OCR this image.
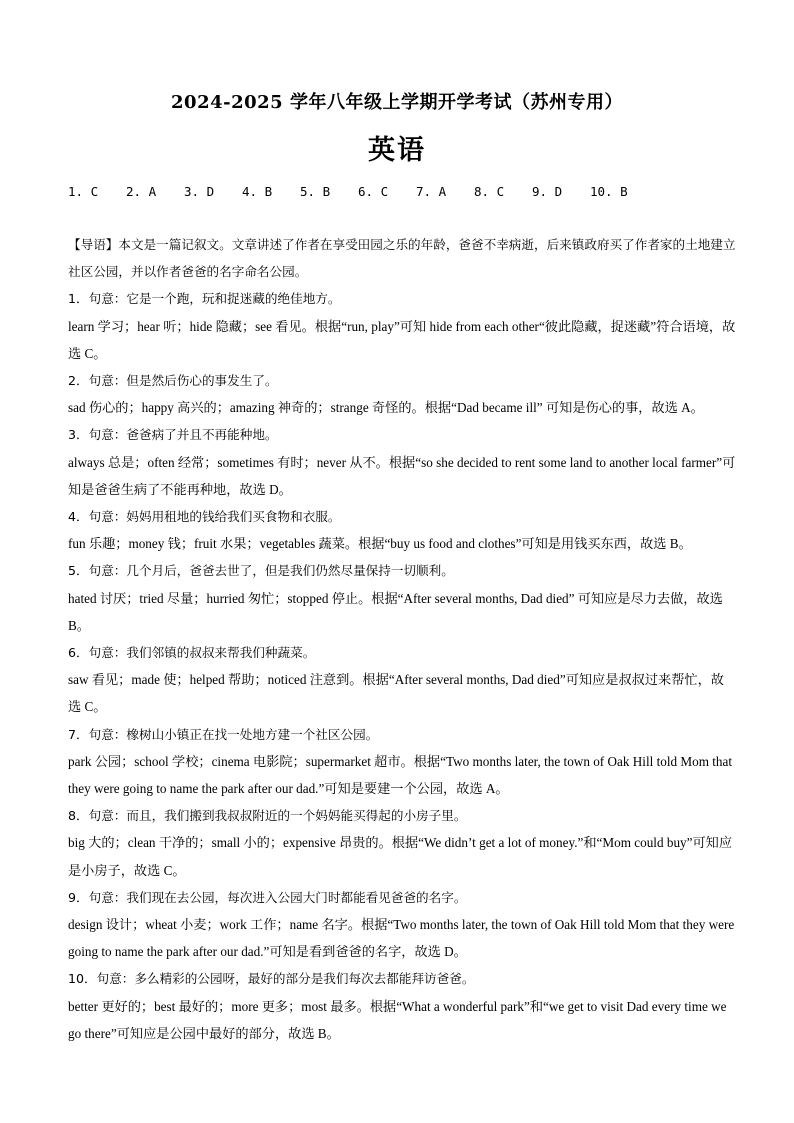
2024-2025 学年八年级上学期开学考试（苏州专用）
英语
1. C	2. A	3. D	4. B	5. B	6. C	7. A	8. C	9. D	10. B

【导语】本文是一篇记叙文。文章讲述了作者在享受田园之乐的年龄，爸爸不幸病逝，后来镇政府买了作者家的土地建立社区公园，并以作者爸爸的名字命名公园。

1．句意：它是一个跑，玩和捉迷藏的绝佳地方。

learn 学习；hear 听；hide 隐藏；see 看见。根据“run, play”可知 hide from each other“彼此隐藏，捉迷藏”符合语境，故选 C。

2．句意：但是然后伤心的事发生了。

sad 伤心的；happy 高兴的；amazing 神奇的；strange 奇怪的。根据“Dad became ill” 可知是伤心的事，故选 A。

3．句意：爸爸病了并且不再能种地。

always 总是；often 经常；sometimes 有时；never 从不。根据“so she decided to rent some land to another local farmer”可知是爸爸生病了不能再种地，故选 D。

4．句意：妈妈用租地的钱给我们买食物和衣服。

fun 乐趣；money 钱；fruit 水果；vegetables 蔬菜。根据“buy us food and clothes”可知是用钱买东西，故选 B。

5．句意：几个月后，爸爸去世了，但是我们仍然尽量保持一切顺利。

hated 讨厌；tried 尽量；hurried 匆忙；stopped 停止。根据“After several months, Dad died” 可知应是尽力去做，故选 B。

6．句意：我们邻镇的叔叔来帮我们种蔬菜。

saw 看见；made 使；helped 帮助；noticed 注意到。根据“After several months, Dad died”可知应是叔叔过来帮忙，故选 C。

7．句意：橡树山小镇正在找一处地方建一个社区公园。

park 公园；school 学校；cinema 电影院；supermarket 超市。根据“Two months later, the town of Oak Hill told Mom that they were going to name the park after our dad.”可知是要建一个公园，故选 A。

8．句意：而且，我们搬到我叔叔附近的一个妈妈能买得起的小房子里。

big 大的；clean 干净的；small 小的；expensive 昂贵的。根据“We didn’t get a lot of money.”和“Mom could buy”可知应是小房子，故选 C。

9．句意：我们现在去公园，每次进入公园大门时都能看见爸爸的名字。

design 设计；wheat 小麦；work 工作；name 名字。根据“Two months later, the town of Oak Hill told Mom that they were going to name the park after our dad.”可知是看到爸爸的名字，故选 D。

10．句意：多么精彩的公园呀，最好的部分是我们每次去都能拜访爸爸。

better 更好的；best 最好的；more 更多；most 最多。根据“What a wonderful park”和“we get to visit Dad every time we go there”可知应是公园中最好的部分，故选 B。
